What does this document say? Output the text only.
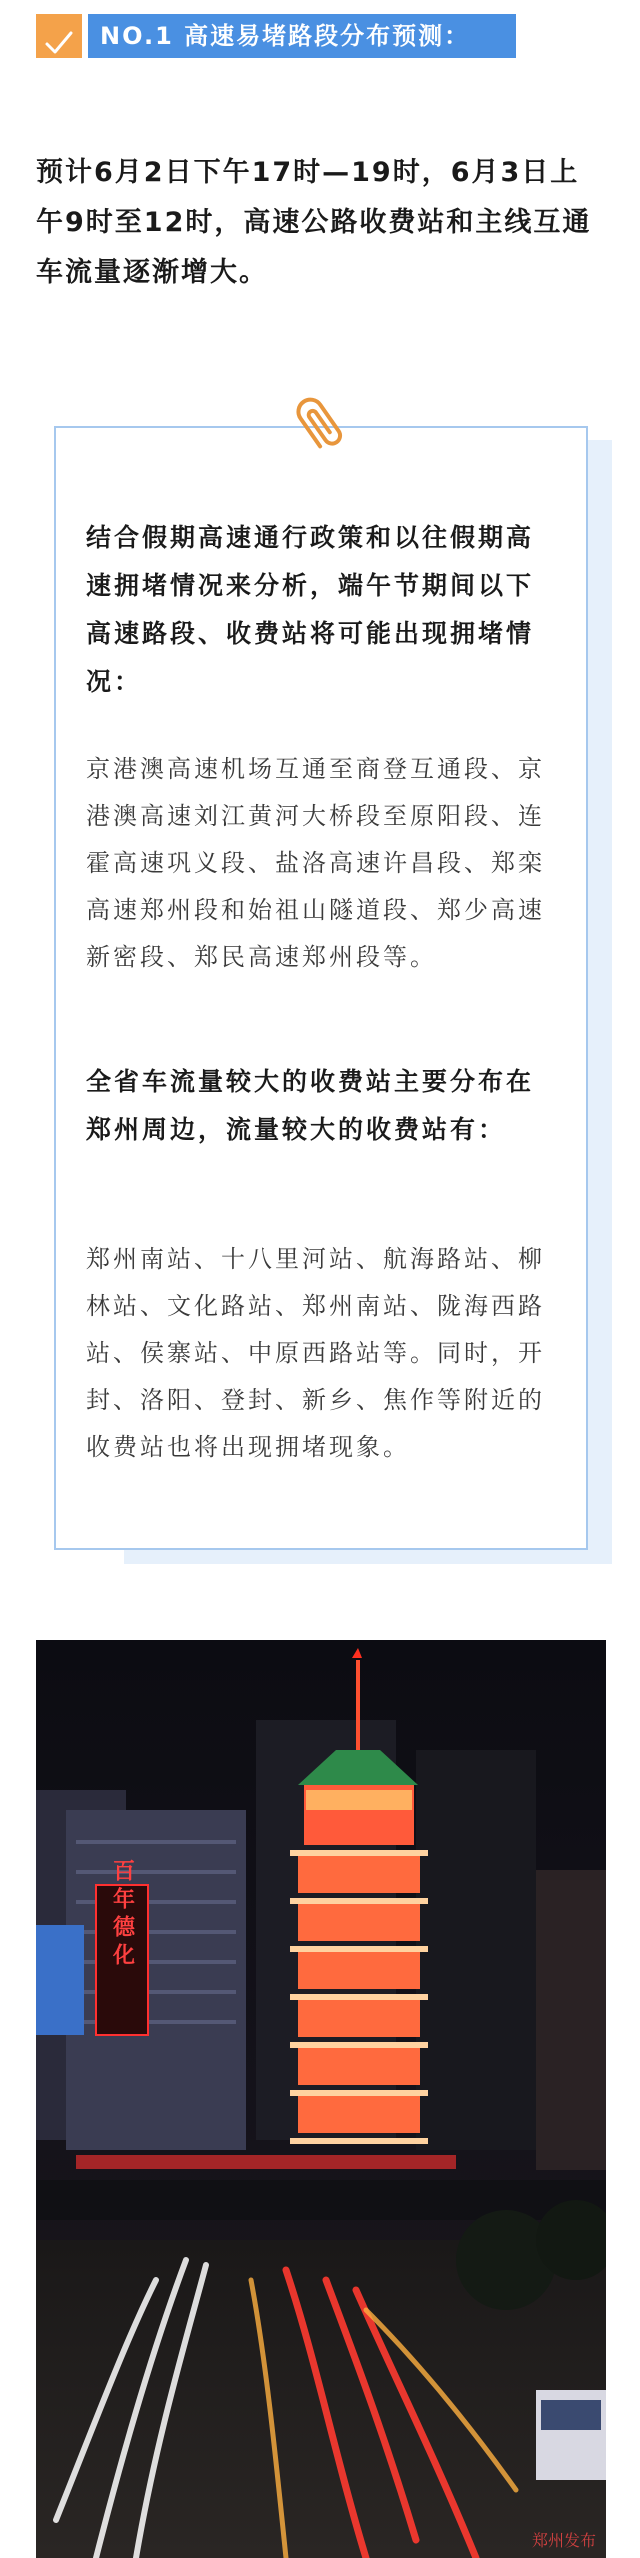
NO.1 高速易堵路段分布预测：

预计6月2日下午17时—19时，6月3日上午9时至12时，高速公路收费站和主线互通车流量逐渐增大。

结合假期高速通行政策和以往假期高速拥堵情况来分析，端午节期间以下高速路段、收费站将可能出现拥堵情况：

京港澳高速机场互通至商登互通段、京港澳高速刘江黄河大桥段至原阳段、连霍高速巩义段、盐洛高速许昌段、郑栾高速郑州段和始祖山隧道段、郑少高速新密段、郑民高速郑州段等。

全省车流量较大的收费站主要分布在郑州周边，流量较大的收费站有：

郑州南站、十八里河站、航海路站、柳林站、文化路站、郑州南站、陇海西路站、侯寨站、中原西路站等。同时，开封、洛阳、登封、新乡、焦作等附近的收费站也将出现拥堵现象。

百年德化
郑州发布
